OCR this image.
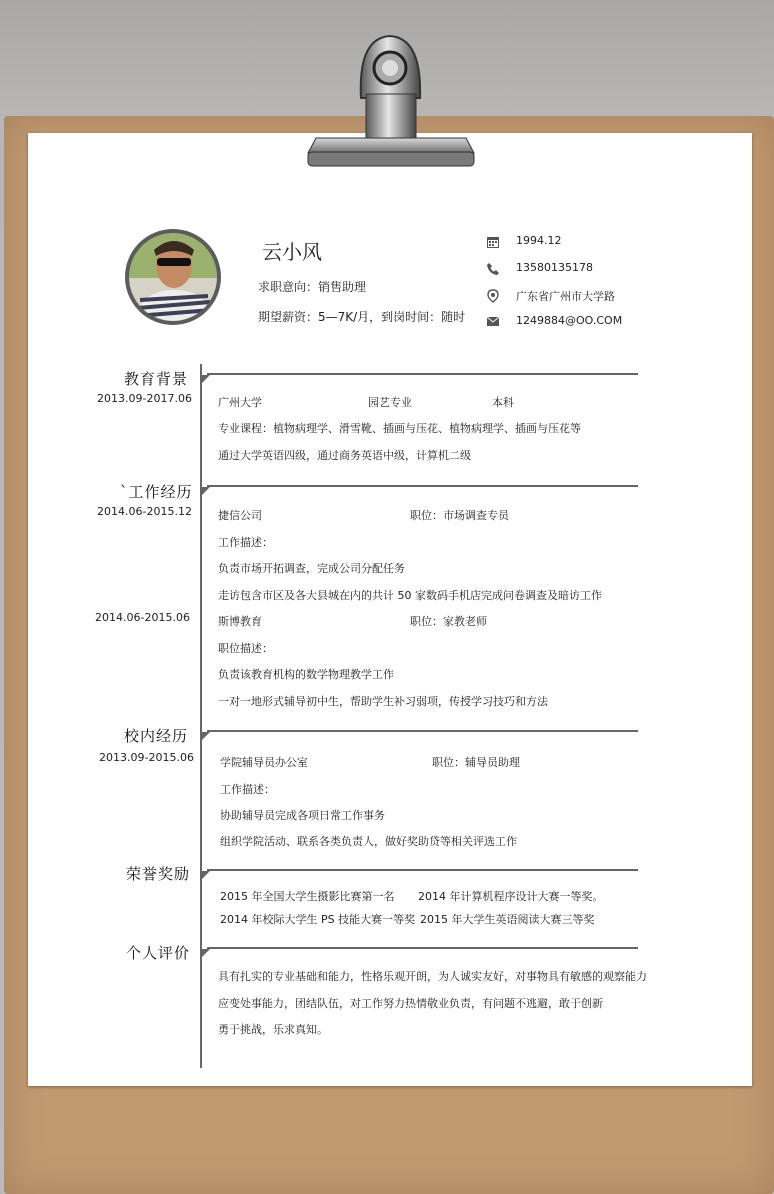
云小风
求职意向：销售助理
期望薪资：5—7K/月，到岗时间：随时
1994.12
13580135178
广东省广州市大学路
1249884@OO.COM
教育背景
2013.09-2017.06 广州大学	园艺专业	本科
专业课程：植物病理学、滑雪靴、插画与压花、植物病理学、插画与压花等
通过大学英语四级，通过商务英语中级，计算机二级
`工作经历
2014.06-2015.12 捷信公司	职位：市场调查专员
工作描述：
负责市场开拓调查，完成公司分配任务
走访包含市区及各大县城在内的共计 50 家数码手机店完成问卷调查及暗访工作
2014.06-2015.06	斯博教育	职位：家教老师
职位描述：
负责该教育机构的数学物理教学工作
一对一地形式辅导初中生，帮助学生补习弱项，传授学习技巧和方法
校内经历
2013.09-2015.06 学院辅导员办公室	职位：辅导员助理
工作描述：
协助辅导员完成各项日常工作事务
组织学院活动、联系各类负责人，做好奖助贷等相关评选工作
荣誉奖励
2015 年全国大学生摄影比赛第一名 2014 年计算机程序设计大赛一等奖。
2014 年校际大学生 PS 技能大赛一等奖 2015 年大学生英语阅读大赛三等奖
个人评价
具有扎实的专业基础和能力，性格乐观开朗，为人诚实友好，对事物具有敏感的观察能力
应变处事能力，团结队伍，对工作努力热情敬业负责，有问题不逃避，敢于创新
勇于挑战，乐求真知。
